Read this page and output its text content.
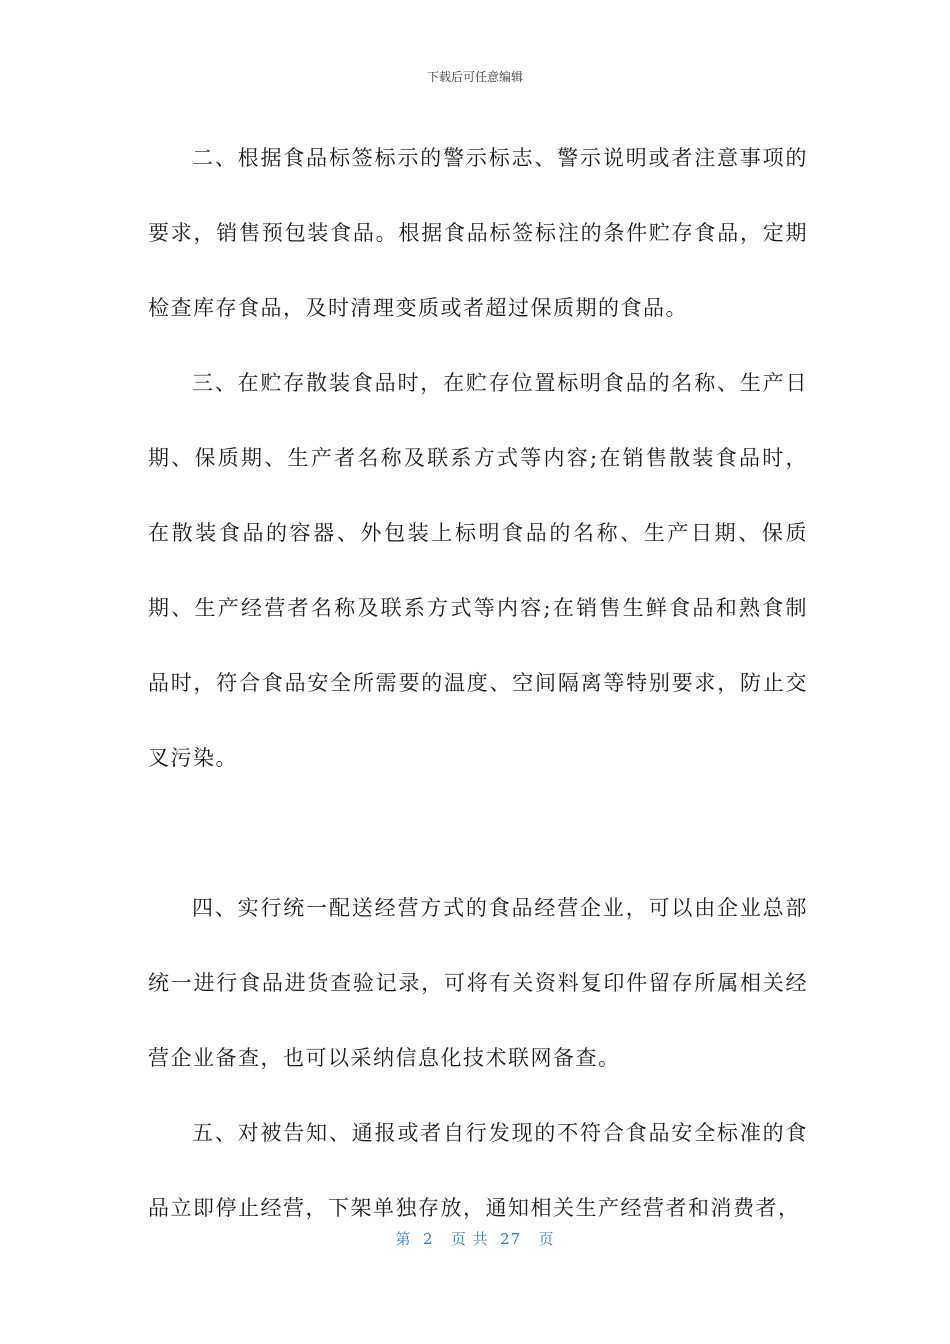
下载后可任意编辑

二、根据食品标签标示的警示标志、警示说明或者注意事项的要求，销售预包装食品。根据食品标签标注的条件贮存食品，定期检查库存食品，及时清理变质或者超过保质期的食品。

三、在贮存散装食品时，在贮存位置标明食品的名称、生产日期、保质期、生产者名称及联系方式等内容;在销售散装食品时，在散装食品的容器、外包装上标明食品的名称、生产日期、保质期、生产经营者名称及联系方式等内容;在销售生鲜食品和熟食制品时，符合食品安全所需要的温度、空间隔离等特别要求，防止交叉污染。

四、实行统一配送经营方式的食品经营企业，可以由企业总部统一进行食品进货查验记录，可将有关资料复印件留存所属相关经营企业备查，也可以采纳信息化技术联网备查。

五、对被告知、通报或者自行发现的不符合食品安全标准的食品立即停止经营，下架单独存放，通知相关生产经营者和消费者，

第  2   页 共  27   页
